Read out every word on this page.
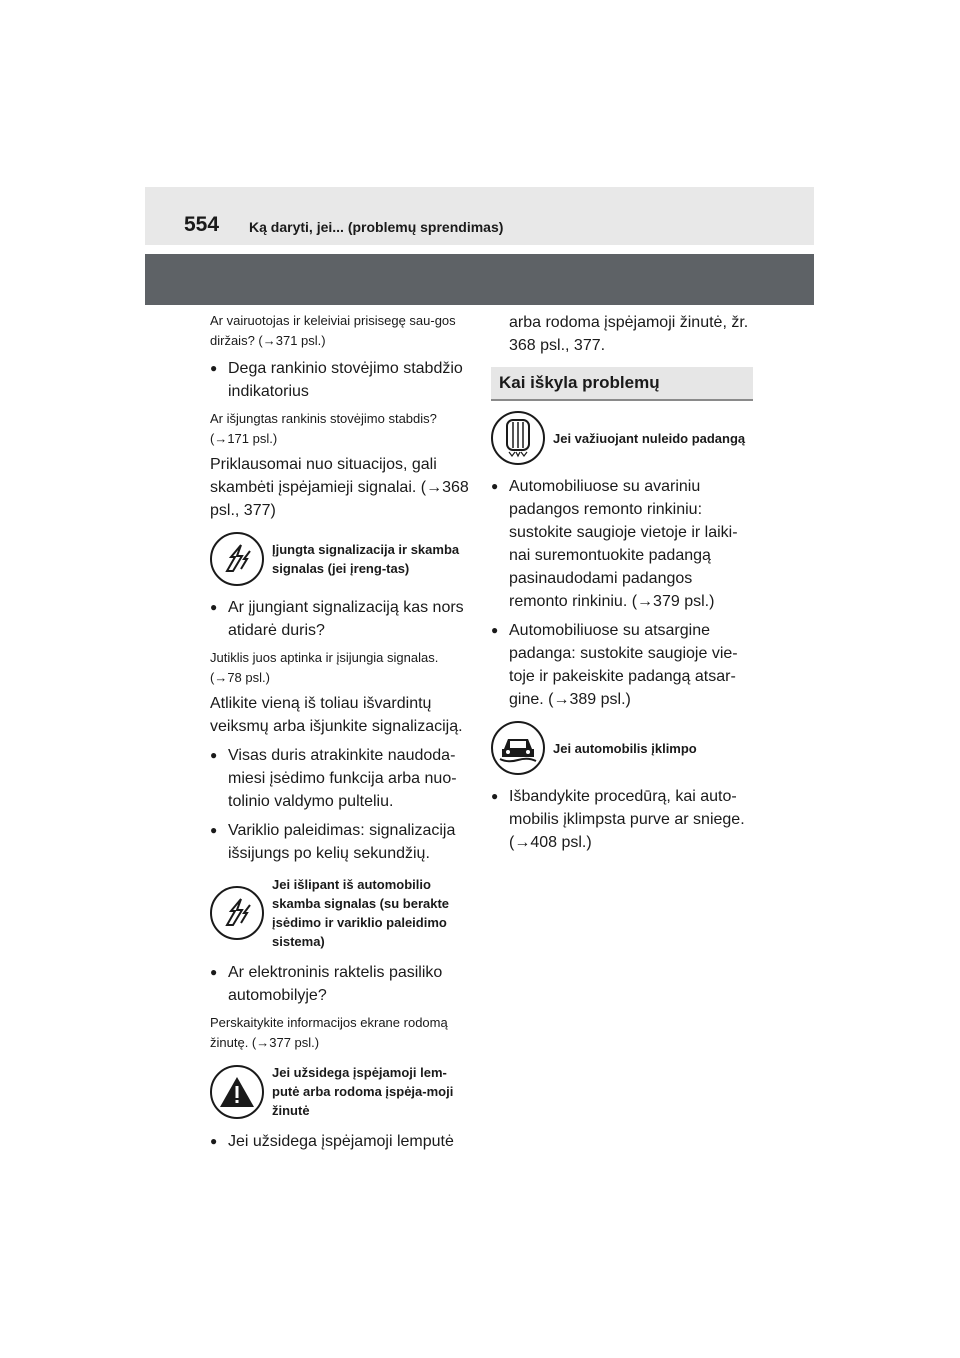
554 Ką daryti, jei... (problemų sprendimas)

Ar vairuotojas ir keleiviai prisisegę sau-gos diržais? (→371 psl.)

● Dega rankinio stovėjimo stabdžio indikatorius

Ar išjungtas rankinis stovėjimo stabdis? (→171 psl.)

Priklausomai nuo situacijos, gali skambėti įspėjamieji signalai. (→368 psl., 377)

Įjungta signalizacija ir skamba signalas (jei įreng-tas)
● Ar įjungiant signalizaciją kas nors atidarė duris?

Jutiklis juos aptinka ir įsijungia signalas. (→78 psl.)

Atlikite vieną iš toliau išvardintų veiksmų arba išjunkite signalizaciją.

● Visas duris atrakinkite naudoda-miesi įsėdimo funkcija arba nuo-tolinio valdymo pulteliu.
● Variklio paleidimas: signalizacija išsijungs po kelių sekundžių.
Jei išlipant iš automobilio skamba signalas (su berakte įsėdimo ir variklio paleidimo sistema)
● Ar elektroninis raktelis pasiliko automobilyje?

Perskaitykite informacijos ekrane rodomą žinutę. (→377 psl.)

Jei užsidega įspėjamoji lem-putė arba rodoma įspėja-moji žinutė
● Jei užsidega įspėjamoji lemputė
arba rodoma įspėjamoji žinutė, žr. 368 psl., 377.
Kai iškyla problemų
Jei važiuojant nuleido padangą
● Automobiliuose su avariniu padangos remonto rinkiniu: sustokite saugioje vietoje ir laiki-nai suremontuokite padangą pasinaudodami padangos remonto rinkiniu. (→379 psl.)
● Automobiliuose su atsargine padanga: sustokite saugioje vie-toje ir pakeiskite padangą atsar-gine. (→389 psl.)
Jei automobilis įklimpo
● Išbandykite procedūrą, kai auto-mobilis įklimpsta purve ar sniege. (→408 psl.)
